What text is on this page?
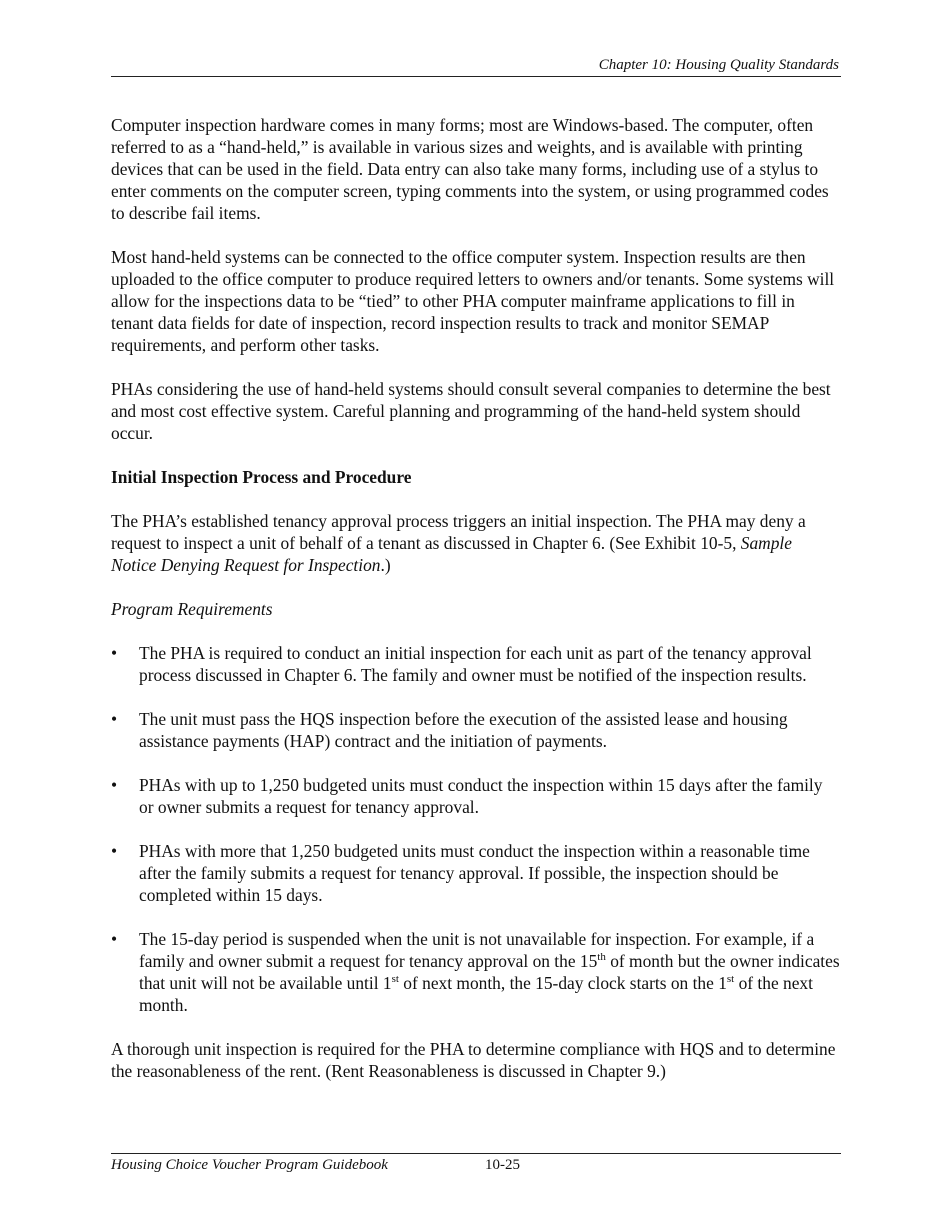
Chapter 10: Housing Quality Standards

Computer inspection hardware comes in many forms; most are Windows-based. The computer, often referred to as a “hand-held,” is available in various sizes and weights, and is available with printing devices that can be used in the field. Data entry can also take many forms, including use of a stylus to enter comments on the computer screen, typing comments into the system, or using programmed codes to describe fail items.

Most hand-held systems can be connected to the office computer system. Inspection results are then uploaded to the office computer to produce required letters to owners and/or tenants. Some systems will allow for the inspections data to be “tied” to other PHA computer mainframe applications to fill in tenant data fields for date of inspection, record inspection results to track and monitor SEMAP requirements, and perform other tasks.

PHAs considering the use of hand-held systems should consult several companies to determine the best and most cost effective system. Careful planning and programming of the hand-held system should occur.

Initial Inspection Process and Procedure

The PHA’s established tenancy approval process triggers an initial inspection. The PHA may deny a request to inspect a unit of behalf of a tenant as discussed in Chapter 6. (See Exhibit 10-5, Sample Notice Denying Request for Inspection.)

Program Requirements
•	The PHA is required to conduct an initial inspection for each unit as part of the tenancy approval process discussed in Chapter 6. The family and owner must be notified of the inspection results.
•	The unit must pass the HQS inspection before the execution of the assisted lease and housing assistance payments (HAP) contract and the initiation of payments.
•	PHAs with up to 1,250 budgeted units must conduct the inspection within 15 days after the family or owner submits a request for tenancy approval.
•	PHAs with more that 1,250 budgeted units must conduct the inspection within a reasonable time after the family submits a request for tenancy approval. If possible, the inspection should be completed within 15 days.
•	The 15-day period is suspended when the unit is not unavailable for inspection. For example, if a family and owner submit a request for tenancy approval on the 15th of month but the owner indicates that unit will not be available until 1st of next month, the 15-day clock starts on the 1st of the next month.

A thorough unit inspection is required for the PHA to determine compliance with HQS and to determine the reasonableness of the rent. (Rent Reasonableness is discussed in Chapter 9.)

Housing Choice Voucher Program Guidebook	10-25
